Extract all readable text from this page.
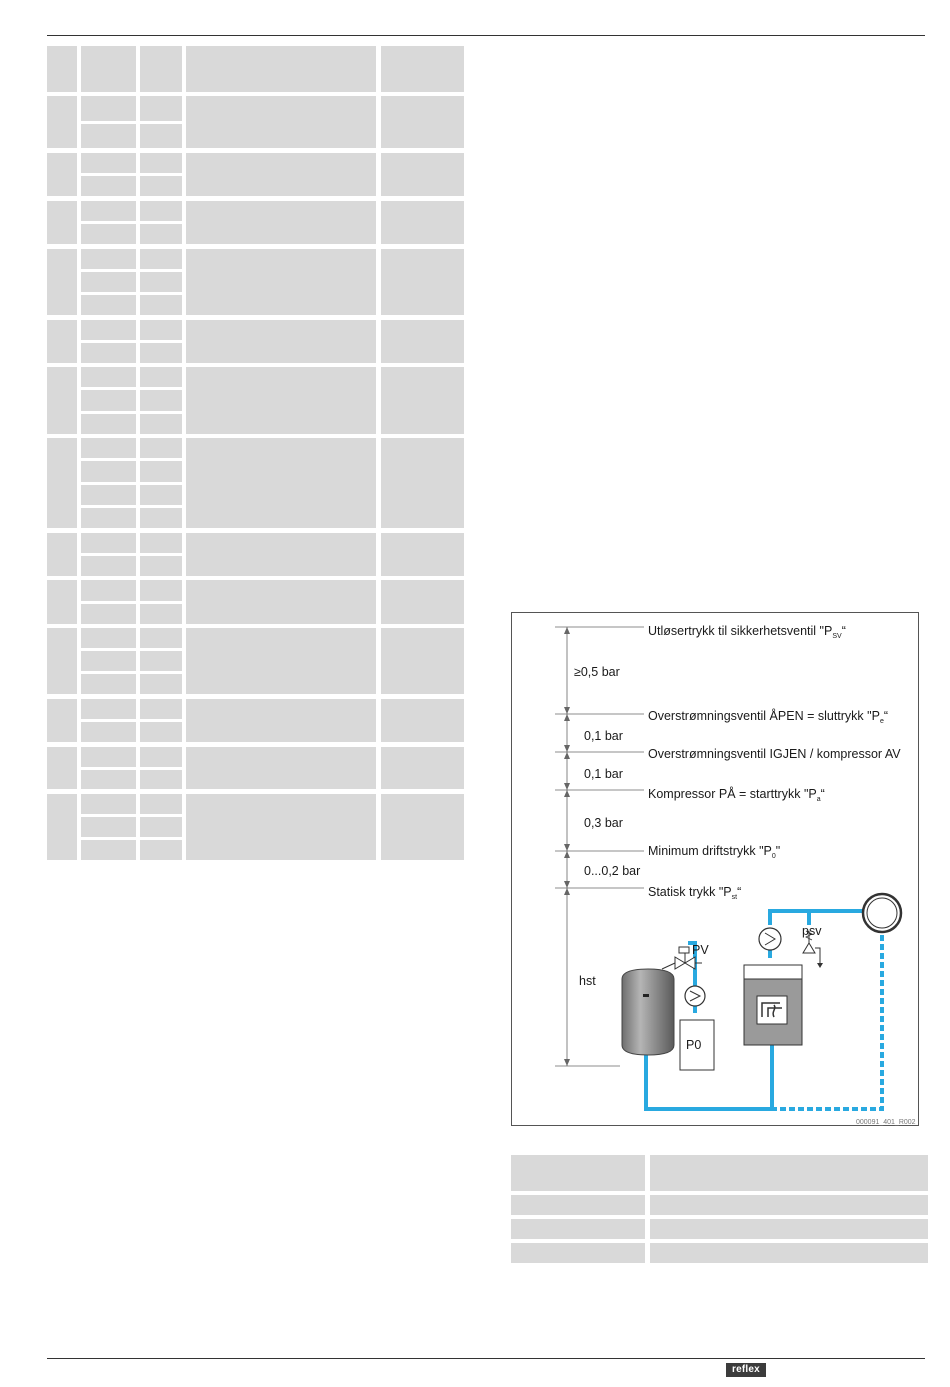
Utløsertrykk til sikkerhetsventil "$P_{SV}“$
≥0,5 bar
Overstrømningsventil ÅPEN = sluttrykk "$P_e“$
0,1 bar
Overstrømningsventil IGJEN / kompressor AV
0,1 bar
Kompressor PÅ = starttrykk "$P_a“$
0,3 bar
Minimum driftstrykk "$P_0$"
0...0,2 bar
Statisk trykk "$P_{st}“$
hst
PV
psv
P0
000091_401_R002
reflex
